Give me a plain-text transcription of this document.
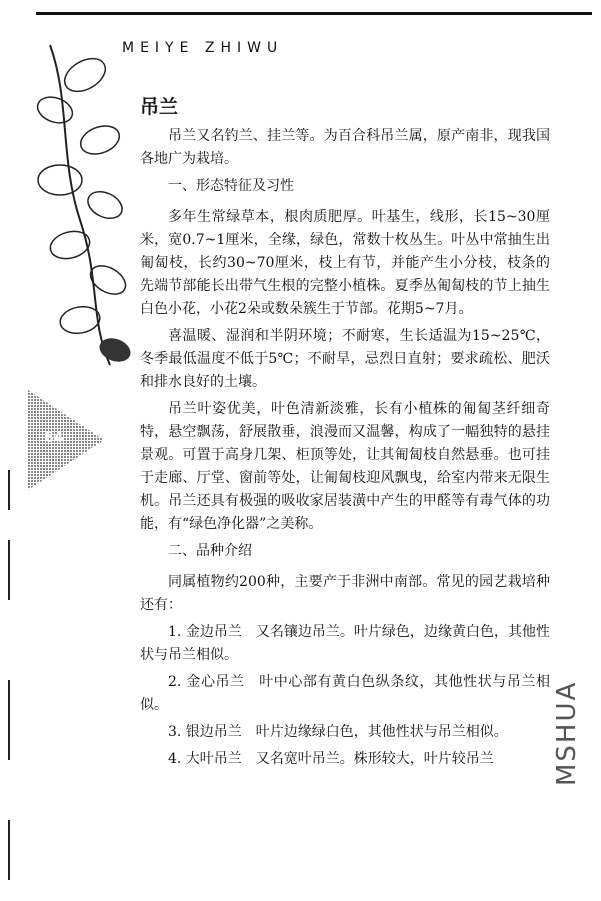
MEIYE ZHIWU
64
吊兰

吊兰又名钓兰、挂兰等。为百合科吊兰属，原产南非，现我国各地广为栽培。

一、形态特征及习性

多年生常绿草本，根肉质肥厚。叶基生，线形，长15~30厘米，宽0.7~1厘米，全缘，绿色，常数十枚丛生。叶丛中常抽生出匍匐枝，长约30~70厘米，枝上有节，并能产生小分枝，枝条的先端节部能长出带气生根的完整小植株。夏季丛匍匐枝的节上抽生白色小花，小花2朵或数朵簇生于节部。花期5~7月。

喜温暖、湿润和半阴环境；不耐寒，生长适温为15~25℃，冬季最低温度不低于5℃；不耐旱，忌烈日直射；要求疏松、肥沃和排水良好的土壤。

吊兰叶姿优美，叶色清新淡雅，长有小植株的匍匐茎纤细奇特，悬空飘荡，舒展散垂，浪漫而又温馨，构成了一幅独特的悬挂景观。可置于高身几架、柜顶等处，让其匍匐枝自然悬垂。也可挂于走廊、厅堂、窗前等处，让匍匐枝迎风飘曳，给室内带来无限生机。吊兰还具有极强的吸收家居装潢中产生的甲醛等有毒气体的功能，有“绿色净化器”之美称。

二、品种介绍

同属植物约200种，主要产于非洲中南部。常见的园艺栽培种还有：

1. 金边吊兰　又名镶边吊兰。叶片绿色，边缘黄白色，其他性状与吊兰相似。

2. 金心吊兰　叶中心部有黄白色纵条纹，其他性状与吊兰相似。

3. 银边吊兰　叶片边缘绿白色，其他性状与吊兰相似。

4. 大叶吊兰　又名宽叶吊兰。株形较大，叶片较吊兰	MSHUA
